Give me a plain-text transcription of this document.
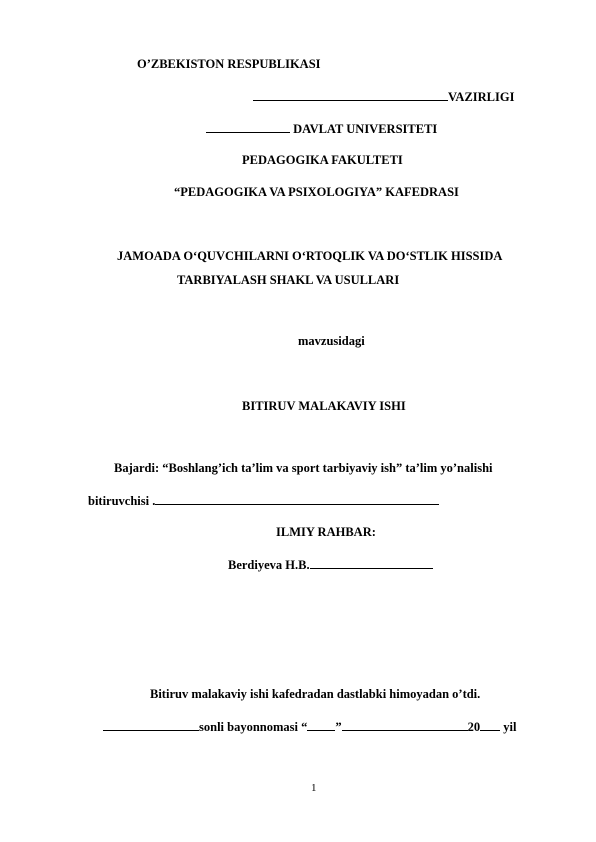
O’ZBEKISTON RESPUBLIKASI
VAZIRLIGI
DAVLAT UNIVERSITETI
PEDAGOGIKA FAKULTETI
“PEDAGOGIKA VA PSIXOLOGIYA” KAFEDRASI
JAMOADA O‘QUVCHILARNI O‘RTOQLIK VA DO‘STLIK HISSIDA
TARBIYALASH SHAKL VA USULLARI
mavzusidagi
BITIRUV MALAKAVIY ISHI
Bajardi: “Boshlang’ich ta’lim va sport tarbiyaviy ish” ta’lim yo’nalishi
bitiruvchisi .
ILMIY RAHBAR:
Berdiyeva H.B.
Bitiruv malakaviy ishi kafedradan dastlabki himoyadan o’tdi.
sonli bayonnomasi “ ”	20 yil
1
